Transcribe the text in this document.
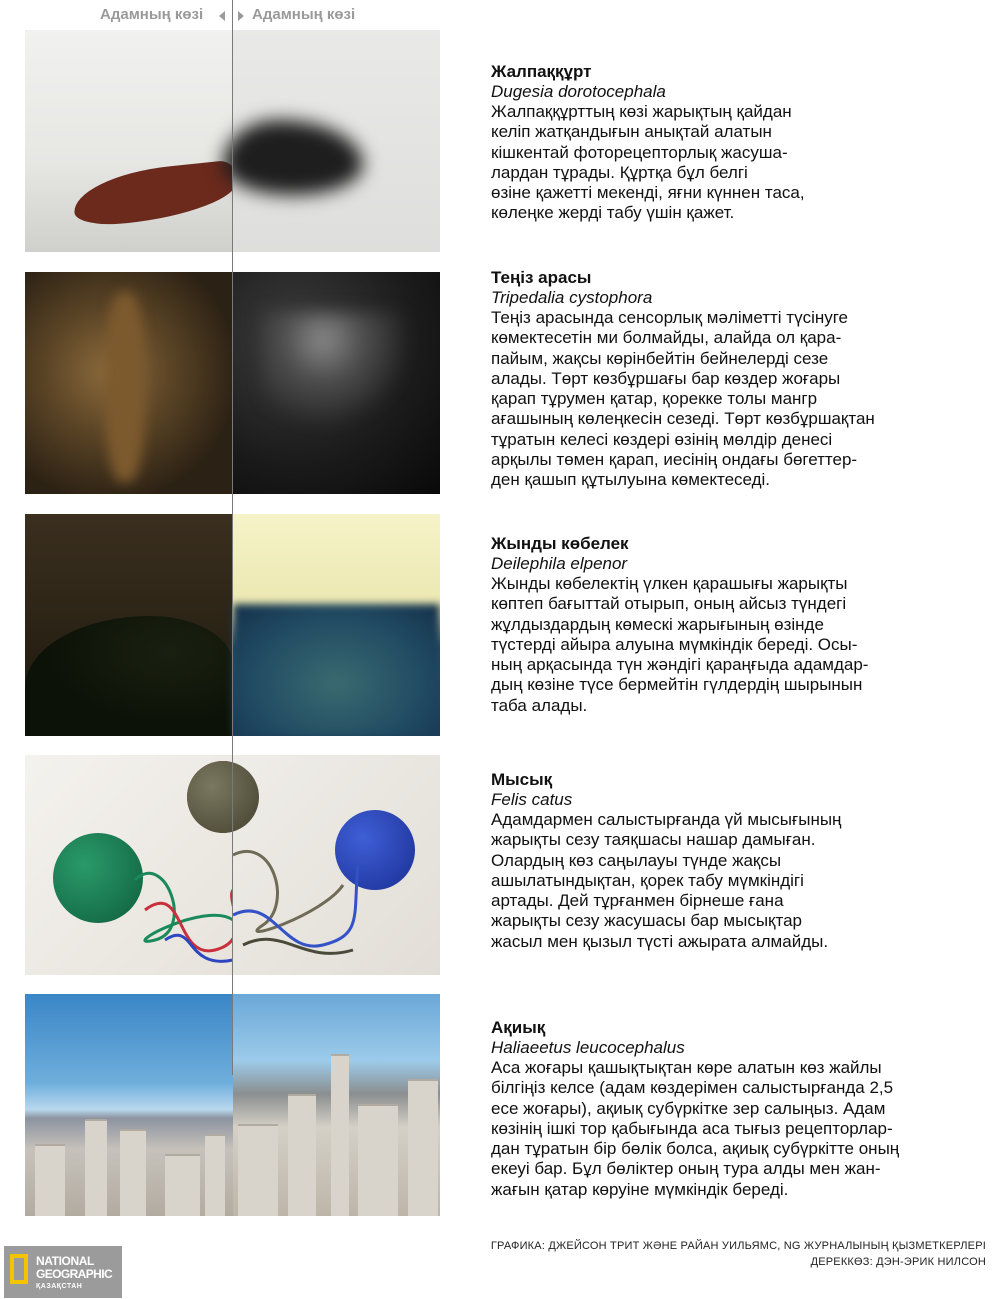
Адамның көзі	Адамның көзі
Жалпаққұрт
Dugesia dorotocephala
Жалпаққұрттың көзі жарықтың қайдан
келіп жатқандығын анықтай алатын
кішкентай фоторецепторлық жасуша-
лардан тұрады. Құртқа бұл белгі
өзіне қажетті мекенді, яғни күннен таса,
көлеңке жерді табу үшін қажет.
Теңіз арасы
Tripedalia cystophora
Теңіз арасында сенсорлық мәліметті түсінуге
көмектесетін ми болмайды, алайда ол қара-
пайым, жақсы көрінбейтін бейнелерді сезе
алады. Төрт көзбұршағы бар көздер жоғары
қарап тұрумен қатар, қорекке толы мангр
ағашының көлеңкесін сезеді. Төрт көзбұршақтан
тұратын келесі көздері өзінің мөлдір денесі
арқылы төмен қарап, иесінің ондағы бөгеттер-
ден қашып құтылуына көмектеседі.
Жынды көбелек
Deilephila elpenor
Жынды көбелектің үлкен қарашығы жарықты
көптеп бағыттай отырып, оның айсыз түндегі
жұлдыздардың көмескі жарығының өзінде
түстерді айыра алуына мүмкіндік береді. Осы-
ның арқасында түн жәндігі қараңғыда адамдар-
дың көзіне түсе бермейтін гүлдердің шырынын
таба алады.
Мысық
Felis catus
Адамдармен салыстырғанда үй мысығының
жарықты сезу таяқшасы нашар дамыған.
Олардың көз саңылауы түнде жақсы
ашылатындықтан, қорек табу мүмкіндігі
артады. Дей тұрғанмен бірнеше ғана
жарықты сезу жасушасы бар мысықтар
жасыл мен қызыл түсті ажырата алмайды.
Ақиық
Haliaeetus leucocephalus
Аса жоғары қашықтықтан көре алатын көз жайлы
білгіңіз келсе (адам көздерімен салыстырғанда 2,5
есе жоғары), ақиық субүркітке зер салыңыз. Адам
көзінің ішкі тор қабығында аса тығыз рецепторлар-
дан тұратын бір бөлік болса, ақиық субүркітте оның
екеуі бар. Бұл бөліктер оның тура алды мен жан-
жағын қатар көруіне мүмкіндік береді.
ГРАФИКА: ДЖЕЙСОН ТРИТ ЖӘНЕ РАЙАН УИЛЬЯМС, NG ЖУРНАЛЫНЫҢ ҚЫЗМЕТКЕРЛЕРІ
ДЕРЕККӨЗ: ДЭН-ЭРИК НИЛСОН
NATIONAL
GEOGRAPHIC
ҚАЗАҚСТАН
